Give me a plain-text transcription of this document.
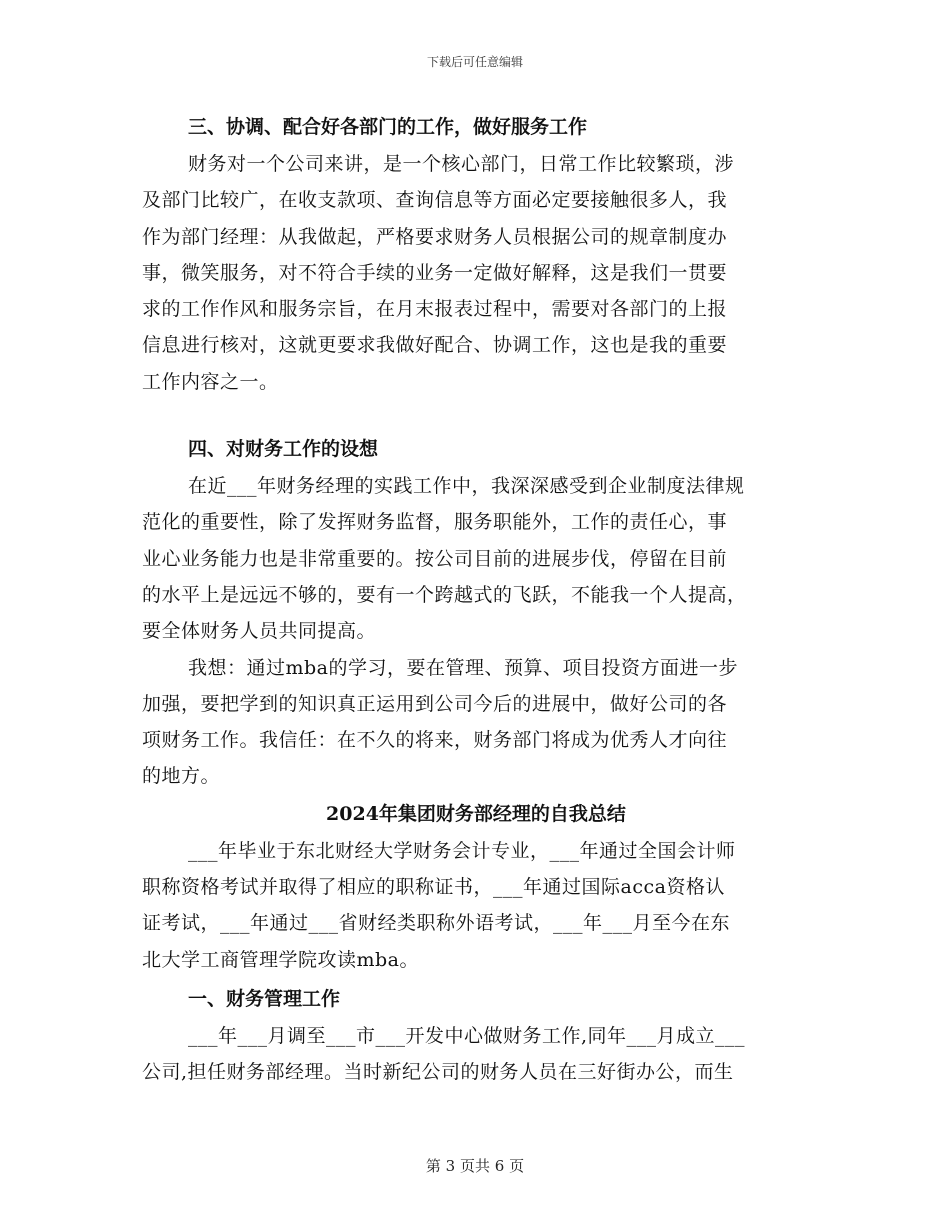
下载后可任意编辑

三、协调、配合好各部门的工作，做好服务工作

财务对一个公司来讲，是一个核心部门，日常工作比较繁琐，涉
及部门比较广，在收支款项、查询信息等方面必定要接触很多人，我
作为部门经理：从我做起，严格要求财务人员根据公司的规章制度办
事，微笑服务，对不符合手续的业务一定做好解释，这是我们一贯要
求的工作作风和服务宗旨，在月末报表过程中，需要对各部门的上报
信息进行核对，这就更要求我做好配合、协调工作，这也是我的重要
工作内容之一。

四、对财务工作的设想

在近___年财务经理的实践工作中，我深深感受到企业制度法律规
范化的重要性，除了发挥财务监督，服务职能外，工作的责任心，事
业心业务能力也是非常重要的。按公司目前的进展步伐，停留在目前
的水平上是远远不够的，要有一个跨越式的飞跃，不能我一个人提高，
要全体财务人员共同提高。
我想：通过mba的学习，要在管理、预算、项目投资方面进一步
加强，要把学到的知识真正运用到公司今后的进展中，做好公司的各
项财务工作。我信任：在不久的将来，财务部门将成为优秀人才向往
的地方。

2024年集团财务部经理的自我总结

___年毕业于东北财经大学财务会计专业，___年通过全国会计师
职称资格考试并取得了相应的职称证书，___年通过国际acca资格认
证考试，___年通过___省财经类职称外语考试，___年___月至今在东
北大学工商管理学院攻读mba。

一、财务管理工作

___年___月调至___市___开发中心做财务工作,同年___月成立___
公司,担任财务部经理。当时新纪公司的财务人员在三好街办公，而生
第 3 页共 6 页
